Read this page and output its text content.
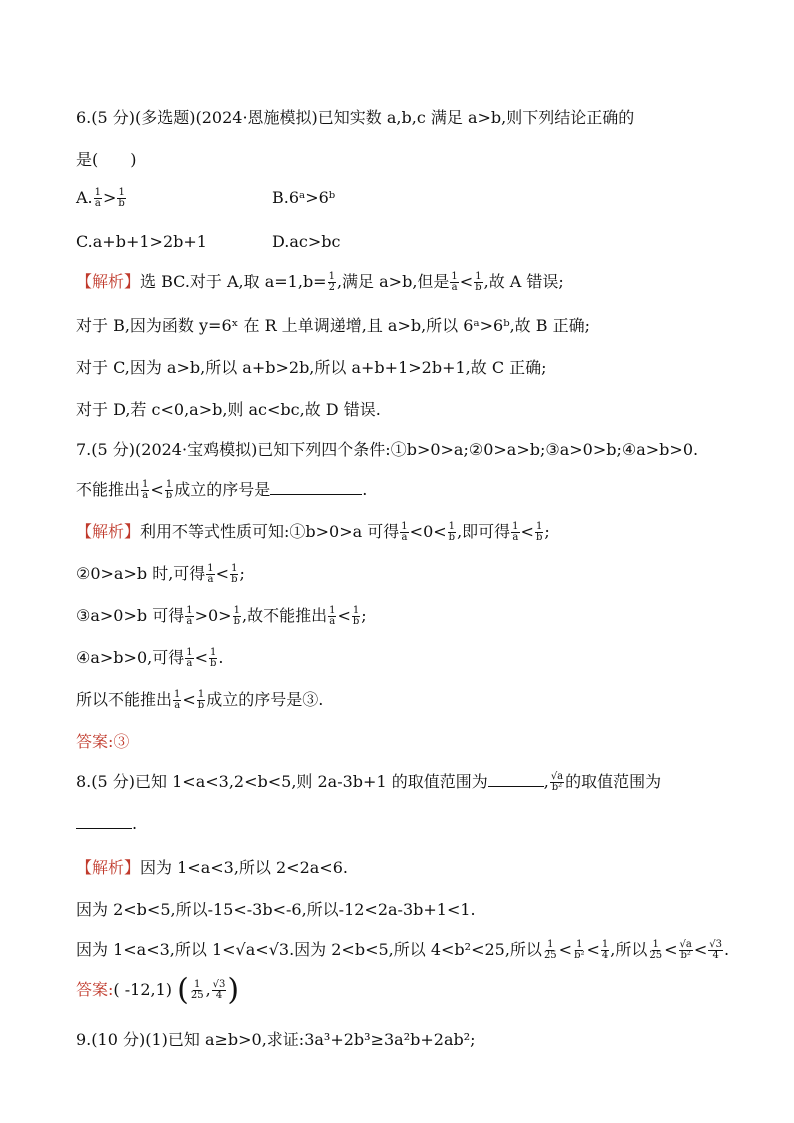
6.(5 分)(多选题)(2024·恩施模拟)已知实数 a,b,c 满足 a>b,则下列结论正确的
是(　　)
A. $\frac{1}{a} > \frac{1}{b}$	B.6ᵃ>6ᵇ
C.a+b+1>2b+1	D.ac>bc
【解析】选 BC.对于 A,取 $a=1,b= \frac{1}{2}$ ,满足 a>b,但是 $\frac{1}{a} < \frac{1}{b}$ ,故 A 错误;
对于 B,因为函数 y=6ˣ 在 R 上单调递增,且 a>b,所以 6ᵃ>6ᵇ,故 B 正确;
对于 C,因为 a>b,所以 a+b>2b,所以 a+b+1>2b+1,故 C 正确;
对于 D,若 c<0,a>b,则 ac<bc,故 D 错误.
7.(5 分)(2024·宝鸡模拟)已知下列四个条件:①b>0>a;②0>a>b;③a>0>b;④a>b>0.
不能推出 $\frac{1}{a} < \frac{1}{b}$ 成立的序号是	.
【解析】利用不等式性质可知:①b>0>a 可得 $\frac{1}{a} <0< \frac{1}{b}$ ,即可得 $\frac{1}{a} < \frac{1}{b}$ ;
②0>a>b 时,可得 $\frac{1}{a} < \frac{1}{b}$ ;
③a>0>b 可得 $\frac{1}{a} >0> \frac{1}{b}$ ,故不能推出 $\frac{1}{a} < \frac{1}{b}$ ;
④a>b>0,可得 $\frac{1}{a} < \frac{1}{b}$ .
所以不能推出 $\frac{1}{a} < \frac{1}{b}$ 成立的序号是③.
答案:③
8.(5 分)已知 1<a<3,2<b<5,则 2a-3b+1 的取值范围为	, $\frac{√a}{\text{b²}}$ 的取值范围为
.
【解析】因为 1<a<3,所以 2<2a<6.
因为 2<b<5,所以-15<-3b<-6,所以-12<2a-3b+1<1.
因为 1<a<3,所以 1<√a<√3.因为 2<b<5,所以 4<b²<25,所以 $\frac{1}{25} < \frac{1}{\text{b²}} < \frac{1}{4}$ ,所以 $\frac{1}{25} < \frac{√a}{\text{b²}} < \frac{√3}{4}$ .
答案:( -12,1) ( $\frac{1}{25}$ , $\frac{√3}{4}$ )
9.(10 分)(1)已知 a≥b>0,求证:3a³+2b³≥3a²b+2ab²;
